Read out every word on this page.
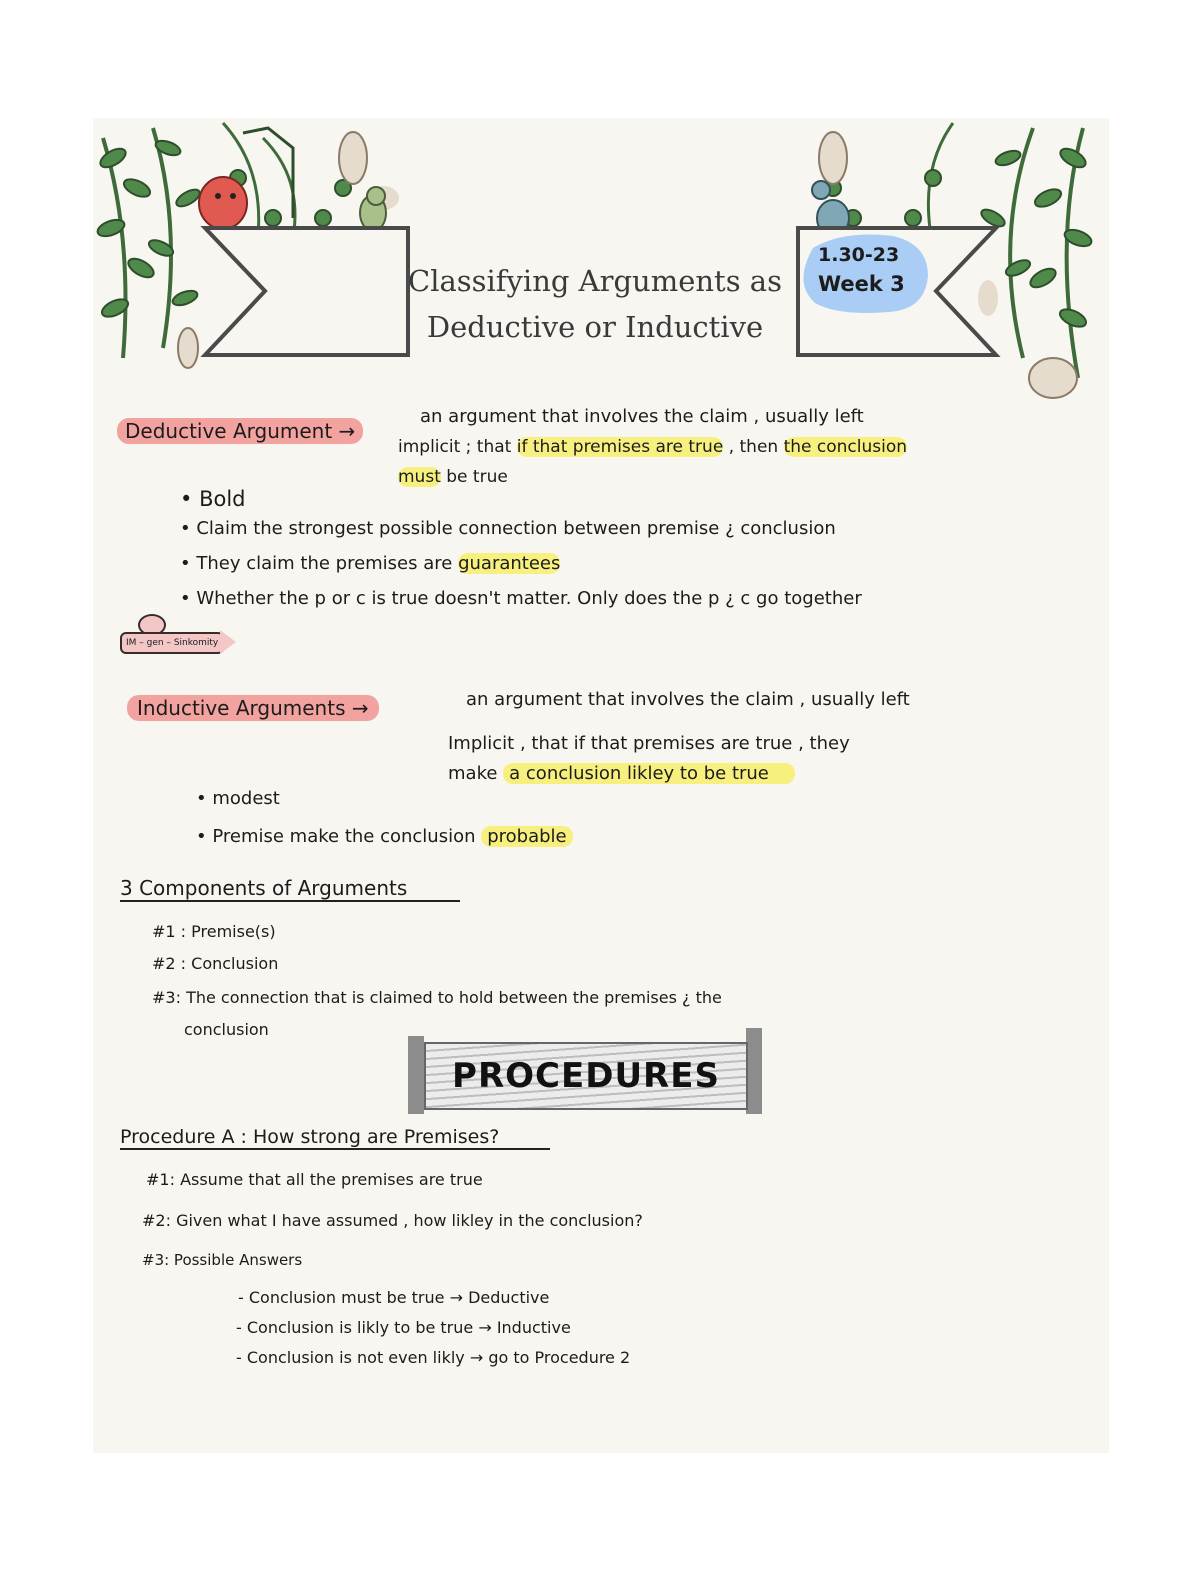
Classifying Arguments as
Deductive or Inductive
1.30-23
Week 3
Deductive Argument →
an argument that involves the claim , usually left
implicit ; that if that premises are true , then the conclusion
must be true
• Bold
• Claim the strongest possible connection between premise ¿ conclusion
• They claim the premises are guarantees
• Whether the p or c is true doesn't matter. Only does the p ¿ c go together
IM – gen – Sinkomity
Inductive Arguments →	an argument that involves the claim , usually left
Implicit , that if that premises are true , they
make a conclusion likley to be true
• modest
• Premise make the conclusion probable
3 Components of Arguments
#1 : Premise(s)
#2 : Conclusion
#3: The connection that is claimed to hold between the premises ¿ the
conclusion
PROCEDURES
Procedure A : How strong are Premises?
#1: Assume that all the premises are true
#2: Given what I have assumed , how likley in the conclusion?
#3: Possible Answers
- Conclusion must be true → Deductive
- Conclusion is likly to be true → Inductive
- Conclusion is not even likly → go to Procedure 2
